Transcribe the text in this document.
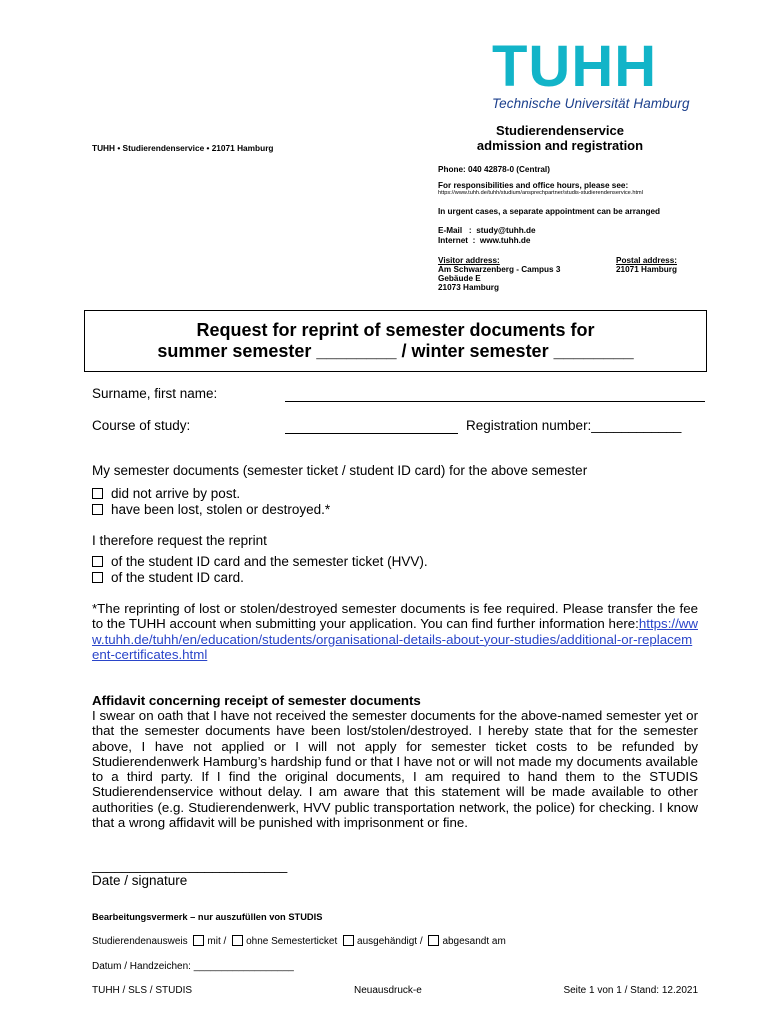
TUHH
Technische Universität Hamburg
TUHH • Studierendenservice • 21071 Hamburg
Studierendenservice
admission and registration
Phone: 040 42878-0 (Central)
For responsibilities and office hours, please see:
https://www.tuhh.de/tuhh/studium/ansprechpartner/studis-studierendenservice.html
In urgent cases, a separate appointment can be arranged
E-Mail   :  study@tuhh.de
Internet  :  www.tuhh.de
Visitor address:
Am Schwarzenberg - Campus 3
Gebäude E
21073 Hamburg
Postal address:
21071 Hamburg
Request for reprint of semester documents for
summer semester ________ / winter semester ________
Surname, first name:
Course of study:	Registration number:____________
My semester documents (semester ticket / student ID card) for the above semester
did not arrive by post.
have been lost, stolen or destroyed.*
I therefore request the reprint
of the student ID card and the semester ticket (HVV).
of the student ID card.
*The reprinting of lost or stolen/destroyed semester documents is fee required. Please transfer the fee to the TUHH account when submitting your application. You can find further information here:https://www.tuhh.de/tuhh/en/education/students/organisational-details-about-your-studies/additional-or-replacement-certificates.html
Affidavit concerning receipt of semester documents
I swear on oath that I have not received the semester documents for the above-named semester yet or that the semester documents have been lost/stolen/destroyed. I hereby state that for the semester above, I have not applied or I will not apply for semester ticket costs to be refunded by Studierendenwerk Hamburg’s hardship fund or that I have not or will not made my documents available to a third party. If I find the original documents, I am required to hand them to the STUDIS Studierendenservice without delay. I am aware that this statement will be made available to other authorities (e.g. Studierendenwerk, HVV public transportation network, the police) for checking. I know that a wrong affidavit will be punished with imprisonment or fine.
__________________________
Date / signature
Bearbeitungsvermerk – nur auszufüllen von STUDIS
Studierendenausweis mit / ohne Semesterticket ausgehändigt / abgesandt am
Datum / Handzeichen: __________________
TUHH / SLS / STUDIS	Neuausdruck-e	Seite 1 von 1 / Stand: 12.2021
